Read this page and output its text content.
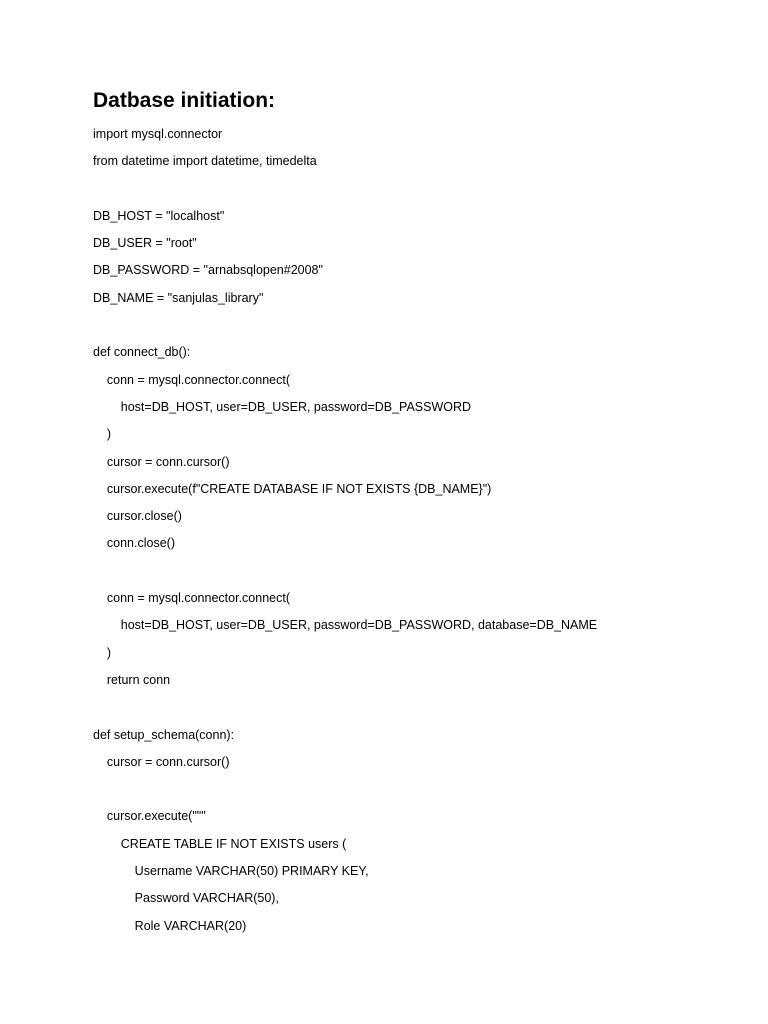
Datbase initiation:
import mysql.connector
from datetime import datetime, timedelta
DB_HOST = "localhost"
DB_USER = "root"
DB_PASSWORD = "arnabsqlopen#2008"
DB_NAME = "sanjulas_library"
def connect_db():
conn = mysql.connector.connect(
host=DB_HOST, user=DB_USER, password=DB_PASSWORD
)
cursor = conn.cursor()
cursor.execute(f"CREATE DATABASE IF NOT EXISTS {DB_NAME}")
cursor.close()
conn.close()
conn = mysql.connector.connect(
host=DB_HOST, user=DB_USER, password=DB_PASSWORD, database=DB_NAME
)
return conn
def setup_schema(conn):
cursor = conn.cursor()
cursor.execute("""
CREATE TABLE IF NOT EXISTS users (
Username VARCHAR(50) PRIMARY KEY,
Password VARCHAR(50),
Role VARCHAR(20)
